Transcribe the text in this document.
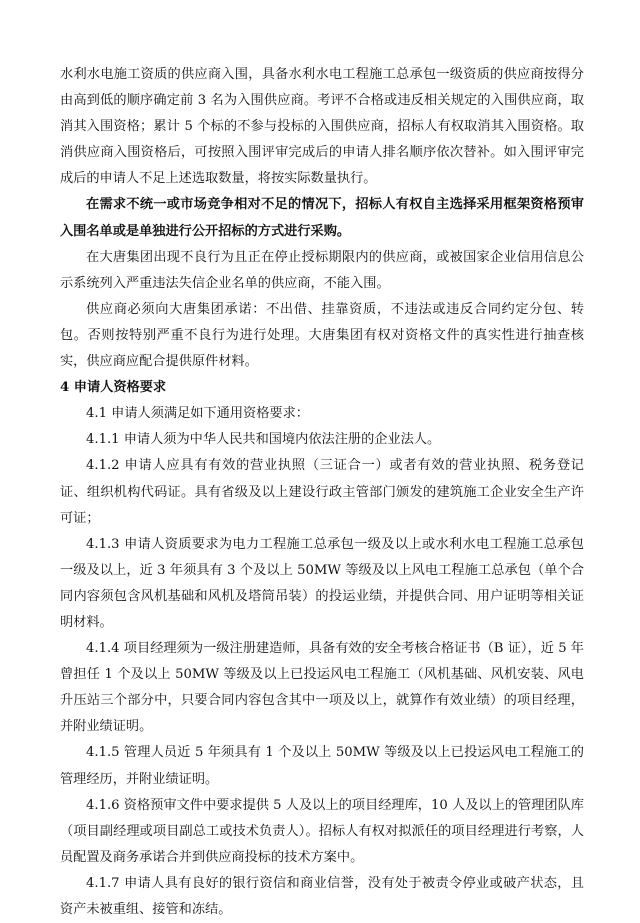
水利水电施工资质的供应商入围，具备水利水电工程施工总承包一级资质的供应商按得分由高到低的顺序确定前 3 名为入围供应商。考评不合格或违反相关规定的入围供应商，取消其入围资格；累计 5 个标的不参与投标的入围供应商，招标人有权取消其入围资格。取消供应商入围资格后，可按照入围评审完成后的申请人排名顺序依次替补。如入围评审完成后的申请人不足上述选取数量，将按实际数量执行。

在需求不统一或市场竞争相对不足的情况下，招标人有权自主选择采用框架资格预审入围名单或是单独进行公开招标的方式进行采购。

在大唐集团出现不良行为且正在停止授标期限内的供应商，或被国家企业信用信息公示系统列入严重违法失信企业名单的供应商，不能入围。

供应商必须向大唐集团承诺：不出借、挂靠资质，不违法或违反合同约定分包、转包。否则按特别严重不良行为进行处理。大唐集团有权对资格文件的真实性进行抽查核实，供应商应配合提供原件材料。

4 申请人资格要求

4.1 申请人须满足如下通用资格要求：

4.1.1 申请人须为中华人民共和国境内依法注册的企业法人。

4.1.2 申请人应具有有效的营业执照（三证合一）或者有效的营业执照、税务登记证、组织机构代码证。具有省级及以上建设行政主管部门颁发的建筑施工企业安全生产许可证；

4.1.3 申请人资质要求为电力工程施工总承包一级及以上或水利水电工程施工总承包一级及以上，近 3 年须具有 3 个及以上 50MW 等级及以上风电工程施工总承包（单个合同内容须包含风机基础和风机及塔筒吊装）的投运业绩，并提供合同、用户证明等相关证明材料。

4.1.4 项目经理须为一级注册建造师，具备有效的安全考核合格证书（B 证），近 5 年曾担任 1 个及以上 50MW 等级及以上已投运风电工程施工（风机基础、风机安装、风电升压站三个部分中，只要合同内容包含其中一项及以上，就算作有效业绩）的项目经理，并附业绩证明。

4.1.5 管理人员近 5 年须具有 1 个及以上 50MW 等级及以上已投运风电工程施工的管理经历，并附业绩证明。

4.1.6 资格预审文件中要求提供 5 人及以上的项目经理库，10 人及以上的管理团队库（项目副经理或项目副总工或技术负责人）。招标人有权对拟派任的项目经理进行考察，人员配置及商务承诺合并到供应商投标的技术方案中。

4.1.7 申请人具有良好的银行资信和商业信誉，没有处于被责令停业或破产状态，且资产未被重组、接管和冻结。
